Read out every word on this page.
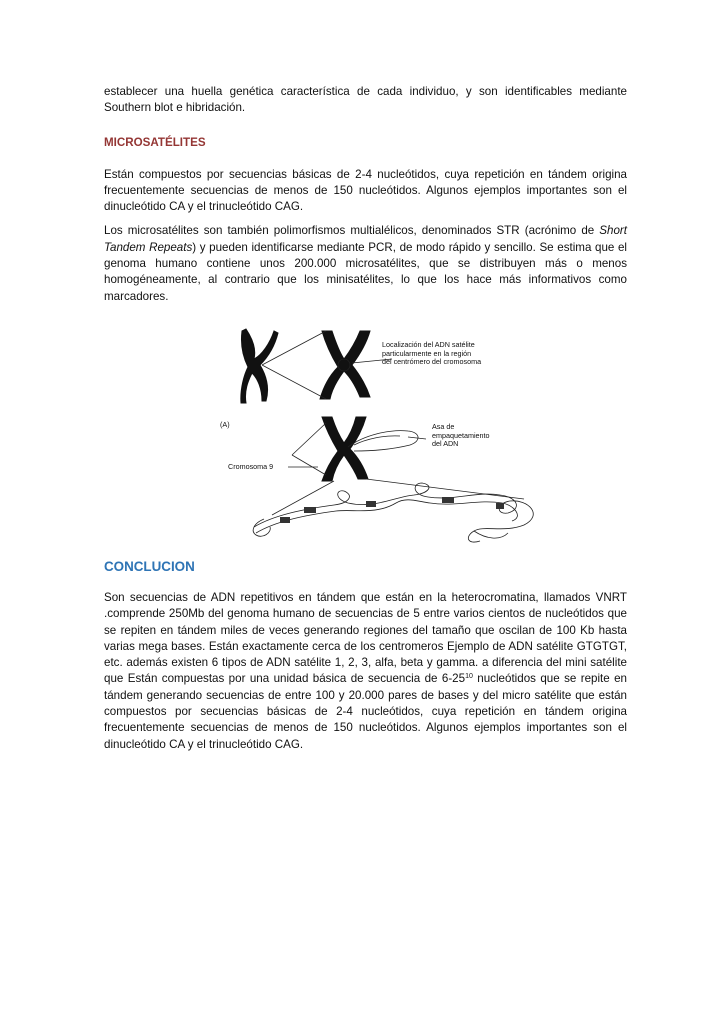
establecer una huella genética característica de cada individuo, y son identificables mediante Southern blot e hibridación.

MICROSATÉLITES

Están compuestos por secuencias básicas de 2-4 nucleótidos, cuya repetición en tándem origina frecuentemente secuencias de menos de 150 nucleótidos. Algunos ejemplos importantes son el dinucleótido CA y el trinucleótido CAG.

Los microsatélites son también polimorfismos multialélicos, denominados STR (acrónimo de Short Tandem Repeats) y pueden identificarse mediante PCR, de modo rápido y sencillo. Se estima que el genoma humano contiene unos 200.000 microsatélites, que se distribuyen más o menos homogéneamente, al contrario que los minisatélites, lo que los hace más informativos como marcadores.

Localización del ADN satélite particularmente en la región del centrómero del cromosoma
(A)	Asa de empaquetamiento del ADN
Cromosoma 9
CONCLUCION

Son secuencias de ADN repetitivos en tándem que están en la heterocromatina, llamados VNRT .comprende 250Mb del genoma humano de secuencias de 5 entre varios cientos de nucleótidos que se repiten en tándem miles de veces generando regiones del tamaño que oscilan de 100 Kb hasta varias mega bases. Están exactamente cerca de los centromeros Ejemplo de ADN satélite GTGTGT, etc. además existen 6 tipos de ADN satélite 1, 2, 3, alfa, beta y gamma. a diferencia del mini satélite que Están compuestas por una unidad básica de secuencia de $6-25^{10}$ nucleótidos que se repite en tándem generando secuencias de entre 100 y 20.000 pares de bases y del micro satélite que están compuestos por secuencias básicas de 2-4 nucleótidos, cuya repetición en tándem origina frecuentemente secuencias de menos de 150 nucleótidos. Algunos ejemplos importantes son el dinucleótido CA y el trinucleótido CAG.
